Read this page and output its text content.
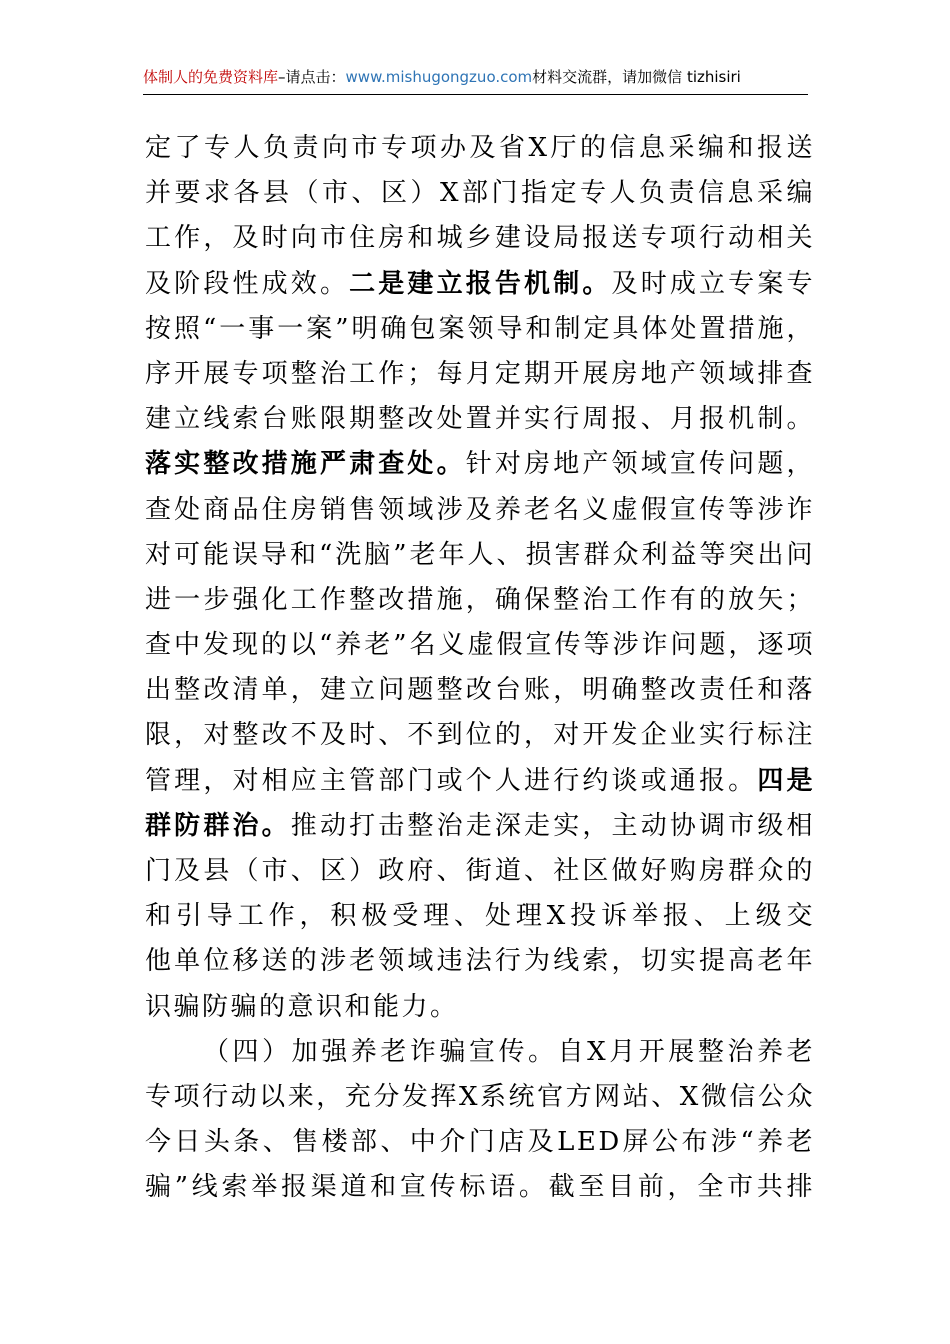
体制人的免费资料库–请点击：www.mishugongzuo.com材料交流群，请加微信 tizhisiri
定了专人负责向市专项办及省X厅的信息采编和报送
并要求各县（市、区）X部门指定专人负责信息采编
工作，及时向市住房和城乡建设局报送专项行动相关
及阶段性成效。二是建立报告机制。及时成立专案专
按照“一事一案”明确包案领导和制定具体处置措施，
序开展专项整治工作；每月定期开展房地产领域排查
建立线索台账限期整改处置并实行周报、月报机制。
落实整改措施严肃查处。针对房地产领域宣传问题，
查处商品住房销售领域涉及养老名义虚假宣传等涉诈
对可能误导和“洗脑”老年人、损害群众利益等突出问
进一步强化工作整改措施，确保整治工作有的放矢；
查中发现的以“养老”名义虚假宣传等涉诈问题，逐项
出整改清单，建立问题整改台账，明确整改责任和落
限，对整改不及时、不到位的，对开发企业实行标注
管理，对相应主管部门或个人进行约谈或通报。四是
群防群治。推动打击整治走深走实，主动协调市级相
门及县（市、区）政府、街道、社区做好购房群众的
和引导工作，积极受理、处理X投诉举报、上级交
他单位移送的涉老领域违法行为线索，切实提高老年
识骗防骗的意识和能力。
（四）加强养老诈骗宣传。自X月开展整治养老
专项行动以来，充分发挥X系统官方网站、X微信公众
今日头条、售楼部、中介门店及LED屏公布涉“养老
骗”线索举报渠道和宣传标语。截至目前，全市共排
